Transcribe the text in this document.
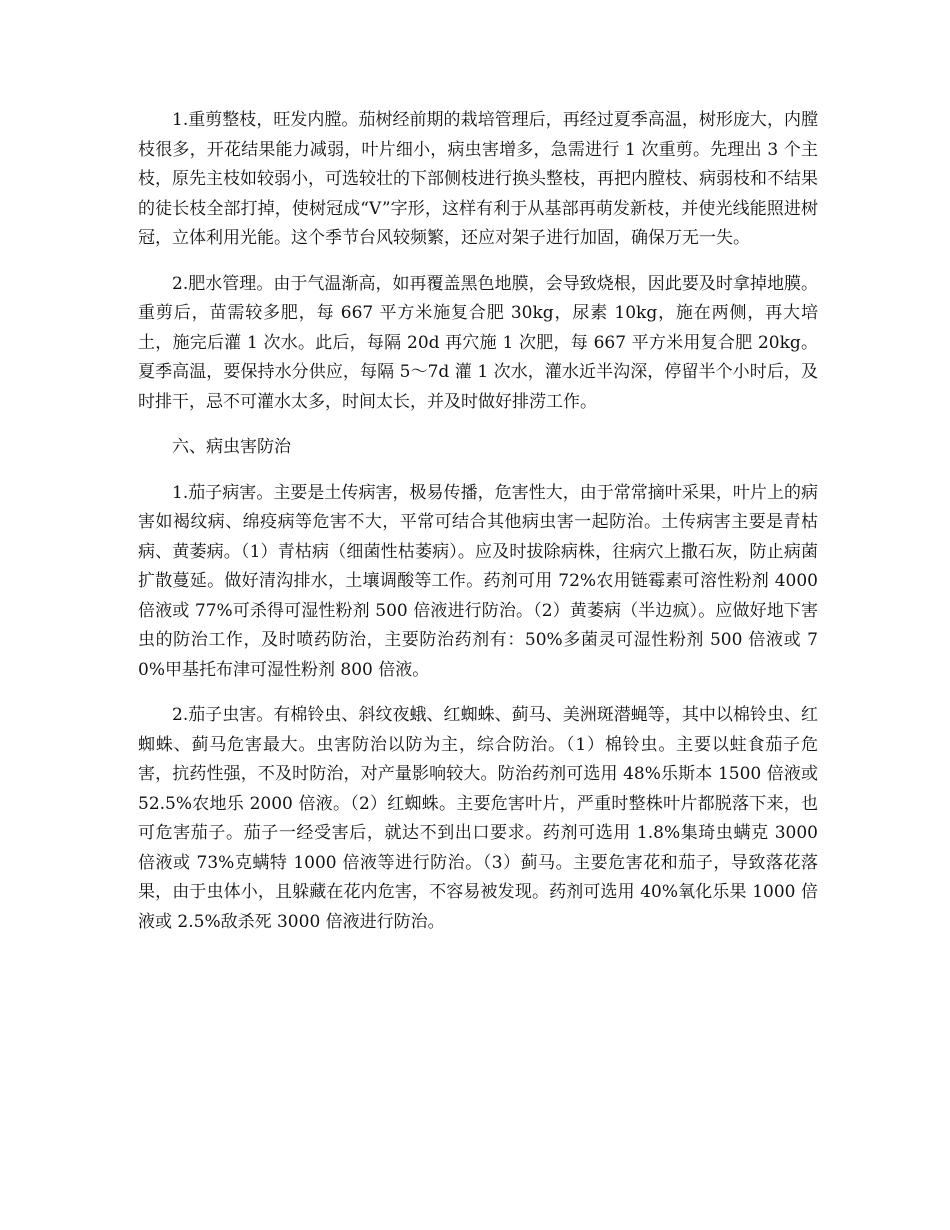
1.重剪整枝，旺发内膛。茄树经前期的栽培管理后，再经过夏季高温，树形庞大，内膛枝很多，开花结果能力减弱，叶片细小，病虫害增多，急需进行 1 次重剪。先理出 3 个主枝，原先主枝如较弱小，可选较壮的下部侧枝进行换头整枝，再把内膛枝、病弱枝和不结果的徒长枝全部打掉，使树冠成“V”字形，这样有利于从基部再萌发新枝，并使光线能照进树冠，立体利用光能。这个季节台风较频繁，还应对架子进行加固，确保万无一失。

2.肥水管理。由于气温渐高，如再覆盖黑色地膜，会导致烧根，因此要及时拿掉地膜。重剪后，苗需较多肥，每 667 平方米施复合肥 30kg，尿素 10kg，施在两侧，再大培土，施完后灌 1 次水。此后，每隔 20d 再穴施 1 次肥，每 667 平方米用复合肥 20kg。夏季高温，要保持水分供应，每隔 5～7d 灌 1 次水，灌水近半沟深，停留半个小时后，及时排干，忌不可灌水太多，时间太长，并及时做好排涝工作。

六、病虫害防治

1.茄子病害。主要是土传病害，极易传播，危害性大，由于常常摘叶采果，叶片上的病害如褐纹病、绵疫病等危害不大，平常可结合其他病虫害一起防治。土传病害主要是青枯病、黄萎病。（1）青枯病（细菌性枯萎病）。应及时拔除病株，往病穴上撒石灰，防止病菌扩散蔓延。做好清沟排水，土壤调酸等工作。药剂可用 72%农用链霉素可溶性粉剂 4000 倍液或 77%可杀得可湿性粉剂 500 倍液进行防治。（2）黄萎病（半边疯）。应做好地下害虫的防治工作，及时喷药防治，主要防治药剂有：50%多菌灵可湿性粉剂 500 倍液或 70%甲基托布津可湿性粉剂 800 倍液。

2.茄子虫害。有棉铃虫、斜纹夜蛾、红蜘蛛、蓟马、美洲斑潜蝇等，其中以棉铃虫、红蜘蛛、蓟马危害最大。虫害防治以防为主，综合防治。（1）棉铃虫。主要以蛀食茄子危害，抗药性强，不及时防治，对产量影响较大。防治药剂可选用 48%乐斯本 1500 倍液或 52.5%农地乐 2000 倍液。（2）红蜘蛛。主要危害叶片，严重时整株叶片都脱落下来，也可危害茄子。茄子一经受害后，就达不到出口要求。药剂可选用 1.8%集琦虫螨克 3000 倍液或 73%克螨特 1000 倍液等进行防治。（3）蓟马。主要危害花和茄子，导致落花落果，由于虫体小，且躲藏在花内危害，不容易被发现。药剂可选用 40%氧化乐果 1000 倍液或 2.5%敌杀死 3000 倍液进行防治。
